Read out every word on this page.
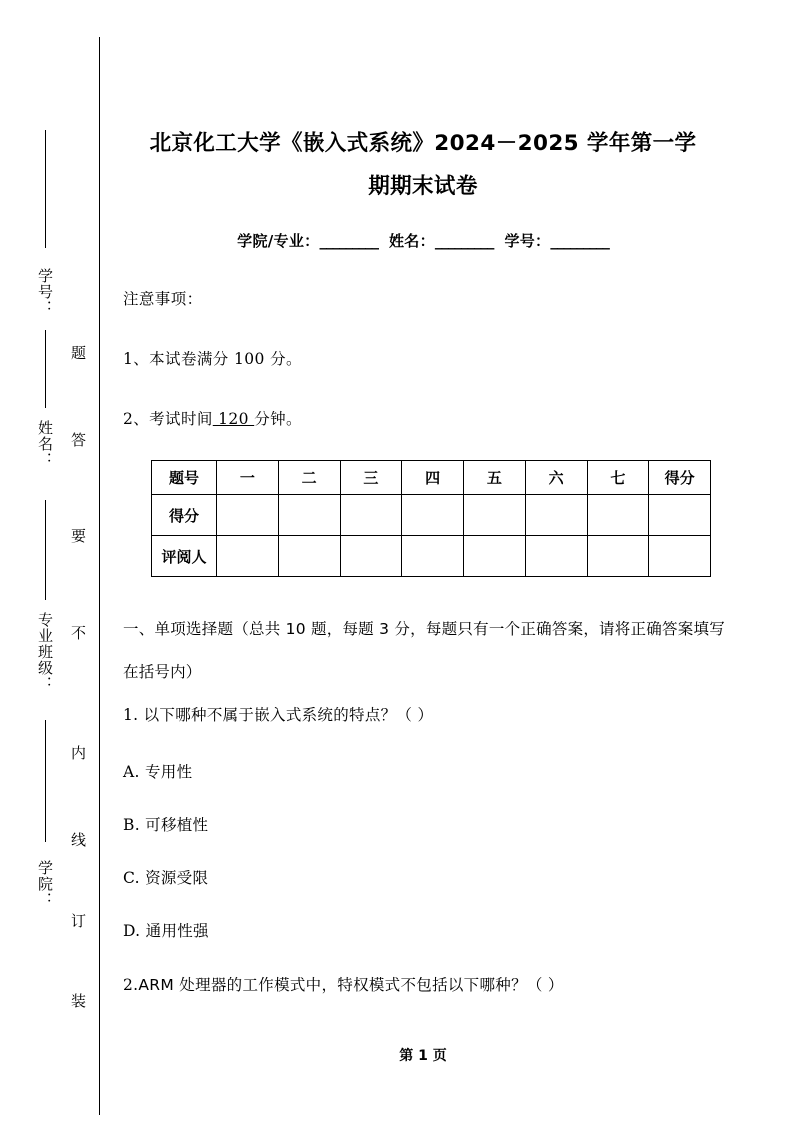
学号：
姓名：
专业班级：
学院：
题
答
要
不
内
线
订
装
北京化工大学《嵌入式系统》2024－2025 学年第一学
期期末试卷
学院/专业：_________ 姓名：_________ 学号：_________
注意事项：
1、本试卷满分 100 分。
2、考试时间 120 分钟。
题号	一	二	三	四	五	六	七	得分
得分								
评阅人								
一、单项选择题（总共 10 题，每题 3 分，每题只有一个正确答案，请将正确答案填写在括号内）
1. 以下哪种不属于嵌入式系统的特点？（ ）
A. 专用性
B. 可移植性
C. 资源受限
D. 通用性强
2.ARM 处理器的工作模式中，特权模式不包括以下哪种？（ ）
第 1 页
